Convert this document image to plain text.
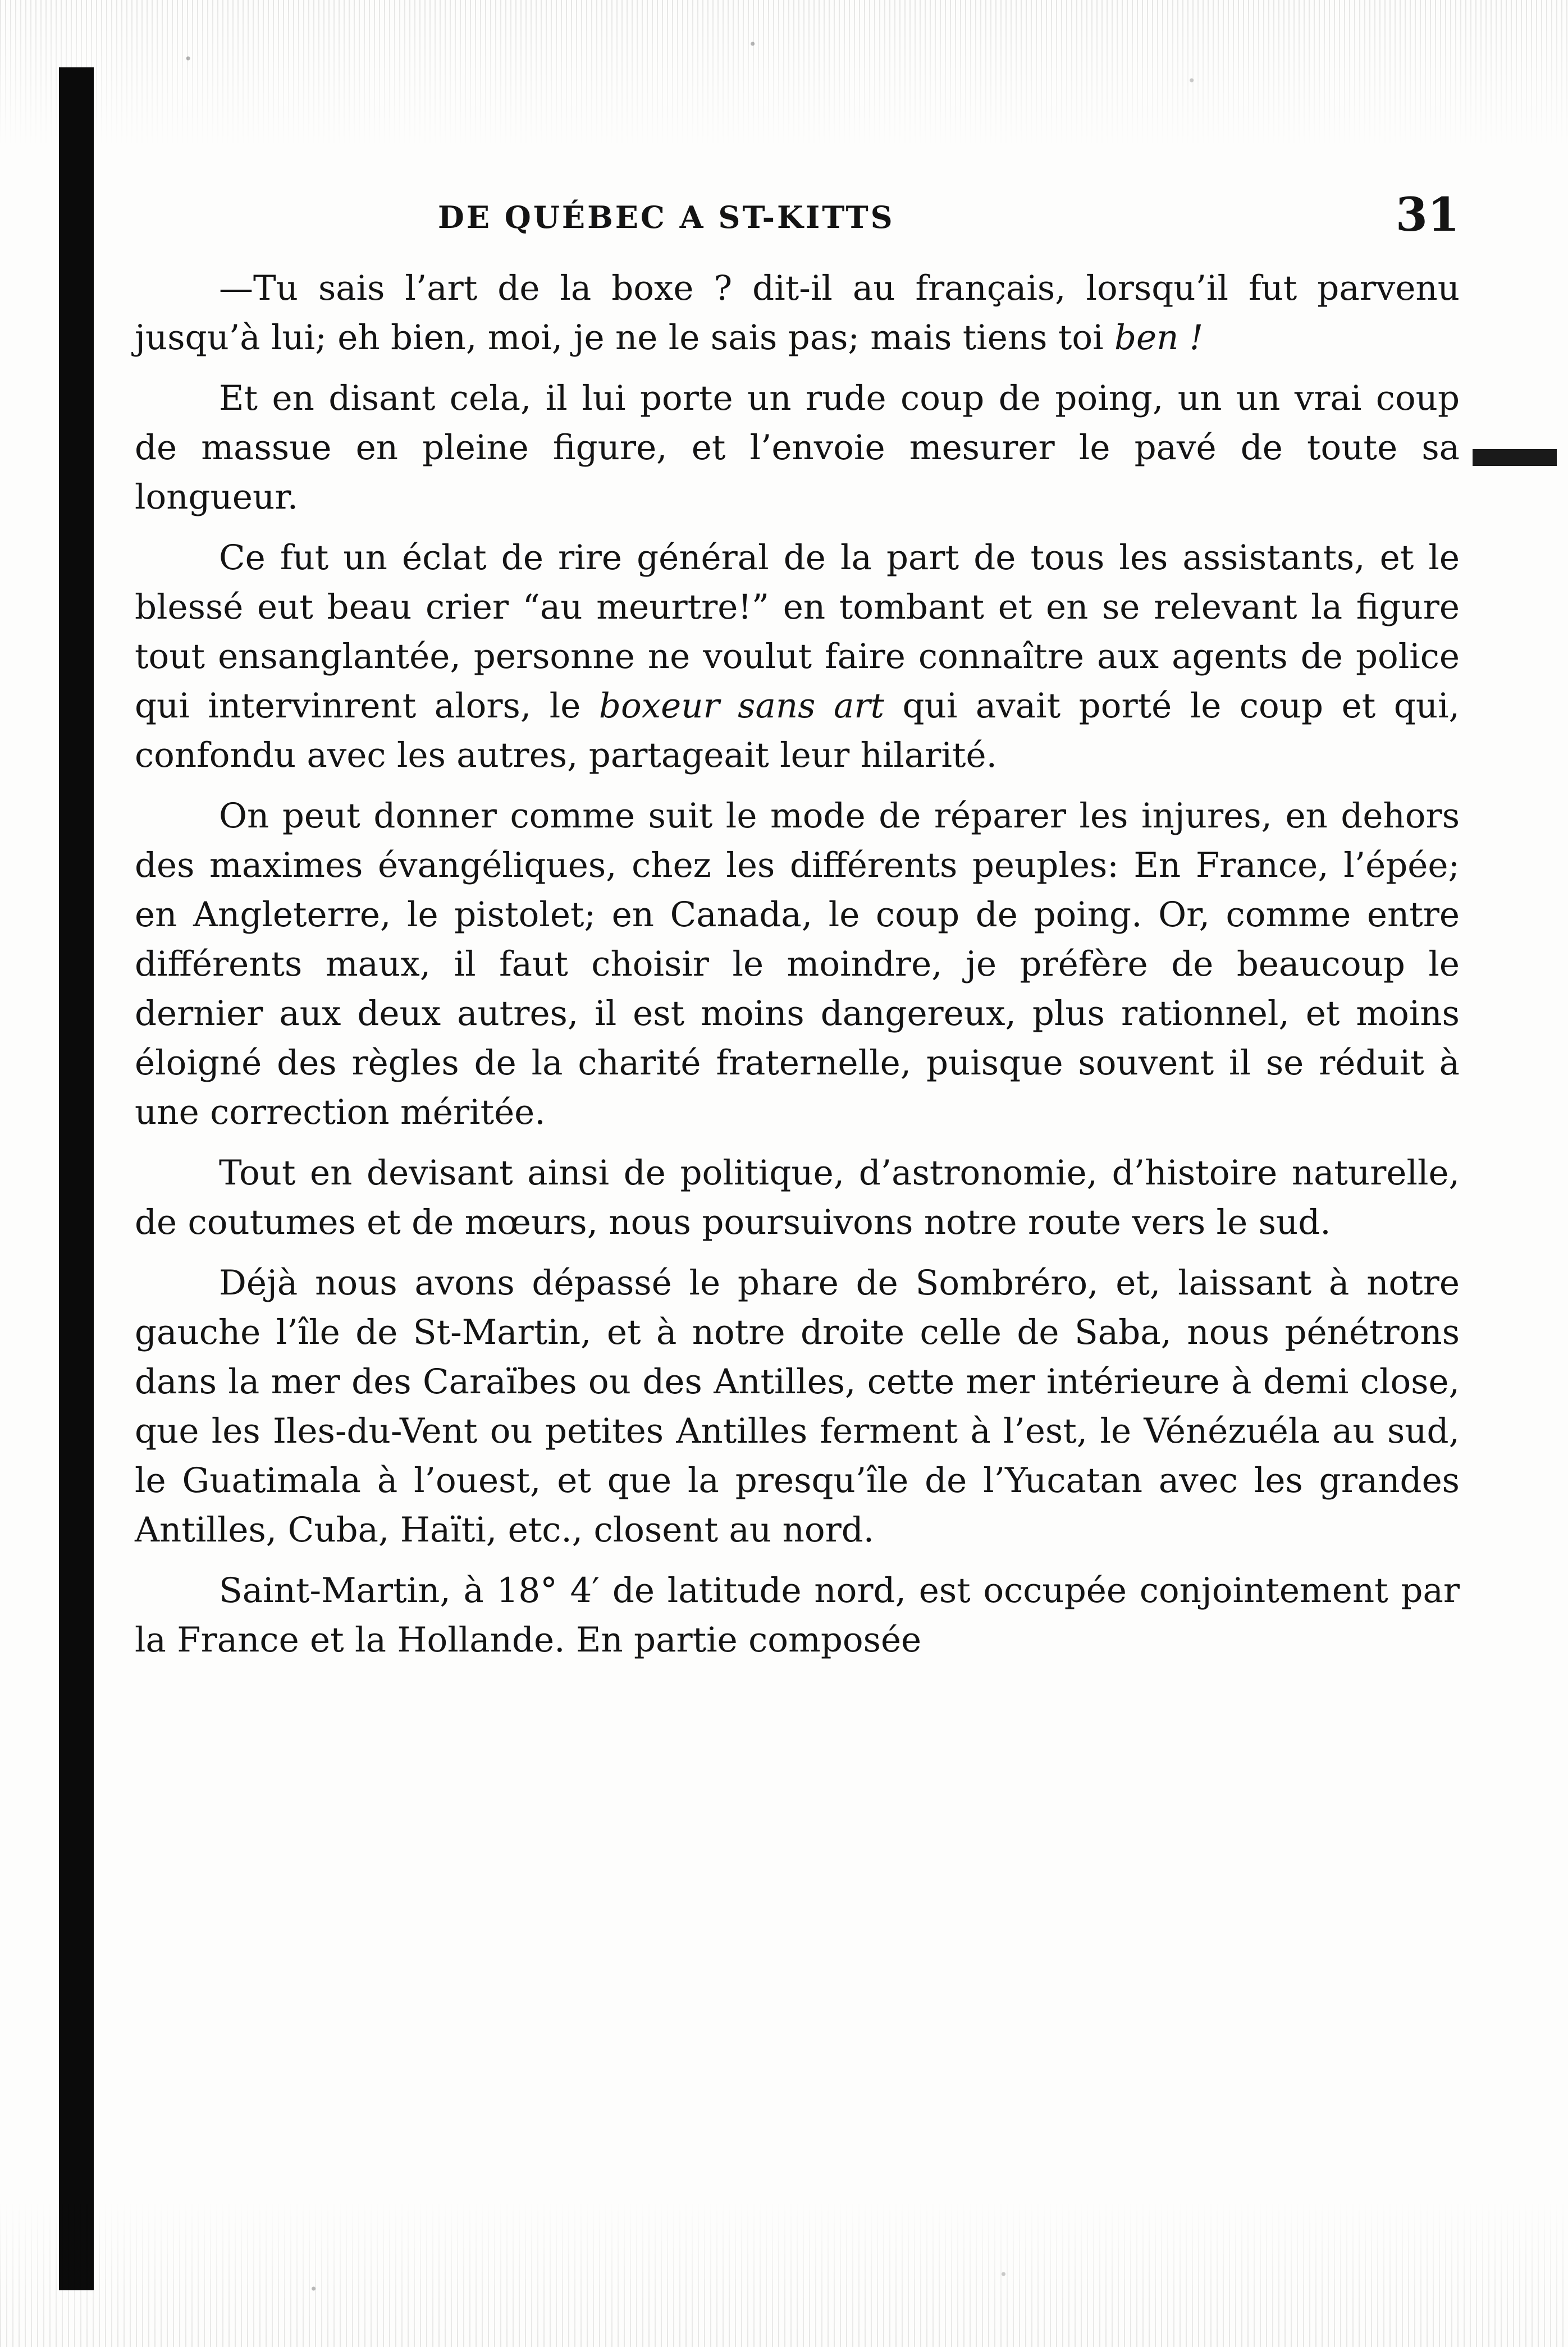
DE QUÉBEC A ST-KITTS	31

—Tu sais l’art de la boxe ? dit-il au français, lorsqu’il fut parvenu jusqu’à lui; eh bien, moi, je ne le sais pas; mais tiens toi ben !

Et en disant cela, il lui porte un rude coup de poing, un un vrai coup de massue en pleine figure, et l’envoie mesurer le pavé de toute sa longueur.

Ce fut un éclat de rire général de la part de tous les assistants, et le blessé eut beau crier “au meurtre!” en tombant et en se relevant la figure tout ensanglantée, personne ne voulut faire connaître aux agents de police qui intervinrent alors, le boxeur sans art qui avait porté le coup et qui, confondu avec les autres, partageait leur hilarité.

On peut donner comme suit le mode de réparer les injures, en dehors des maximes évangéliques, chez les différents peuples: En France, l’épée; en Angleterre, le pistolet; en Canada, le coup de poing. Or, comme entre différents maux, il faut choisir le moindre, je préfère de beaucoup le dernier aux deux autres, il est moins dangereux, plus rationnel, et moins éloigné des règles de la charité fraternelle, puisque souvent il se réduit à une correction méritée.

Tout en devisant ainsi de politique, d’astronomie, d’histoire naturelle, de coutumes et de mœurs, nous poursuivons notre route vers le sud.

Déjà nous avons dépassé le phare de Sombréro, et, laissant à notre gauche l’île de St-Martin, et à notre droite celle de Saba, nous pénétrons dans la mer des Caraïbes ou des Antilles, cette mer intérieure à demi close, que les Iles-du-Vent ou petites Antilles ferment à l’est, le Vénézuéla au sud, le Guatimala à l’ouest, et que la presqu’île de l’Yucatan avec les grandes Antilles, Cuba, Haïti, etc., closent au nord.

Saint-Martin, à 18° 4′ de latitude nord, est occupée conjointement par la France et la Hollande. En partie composée
